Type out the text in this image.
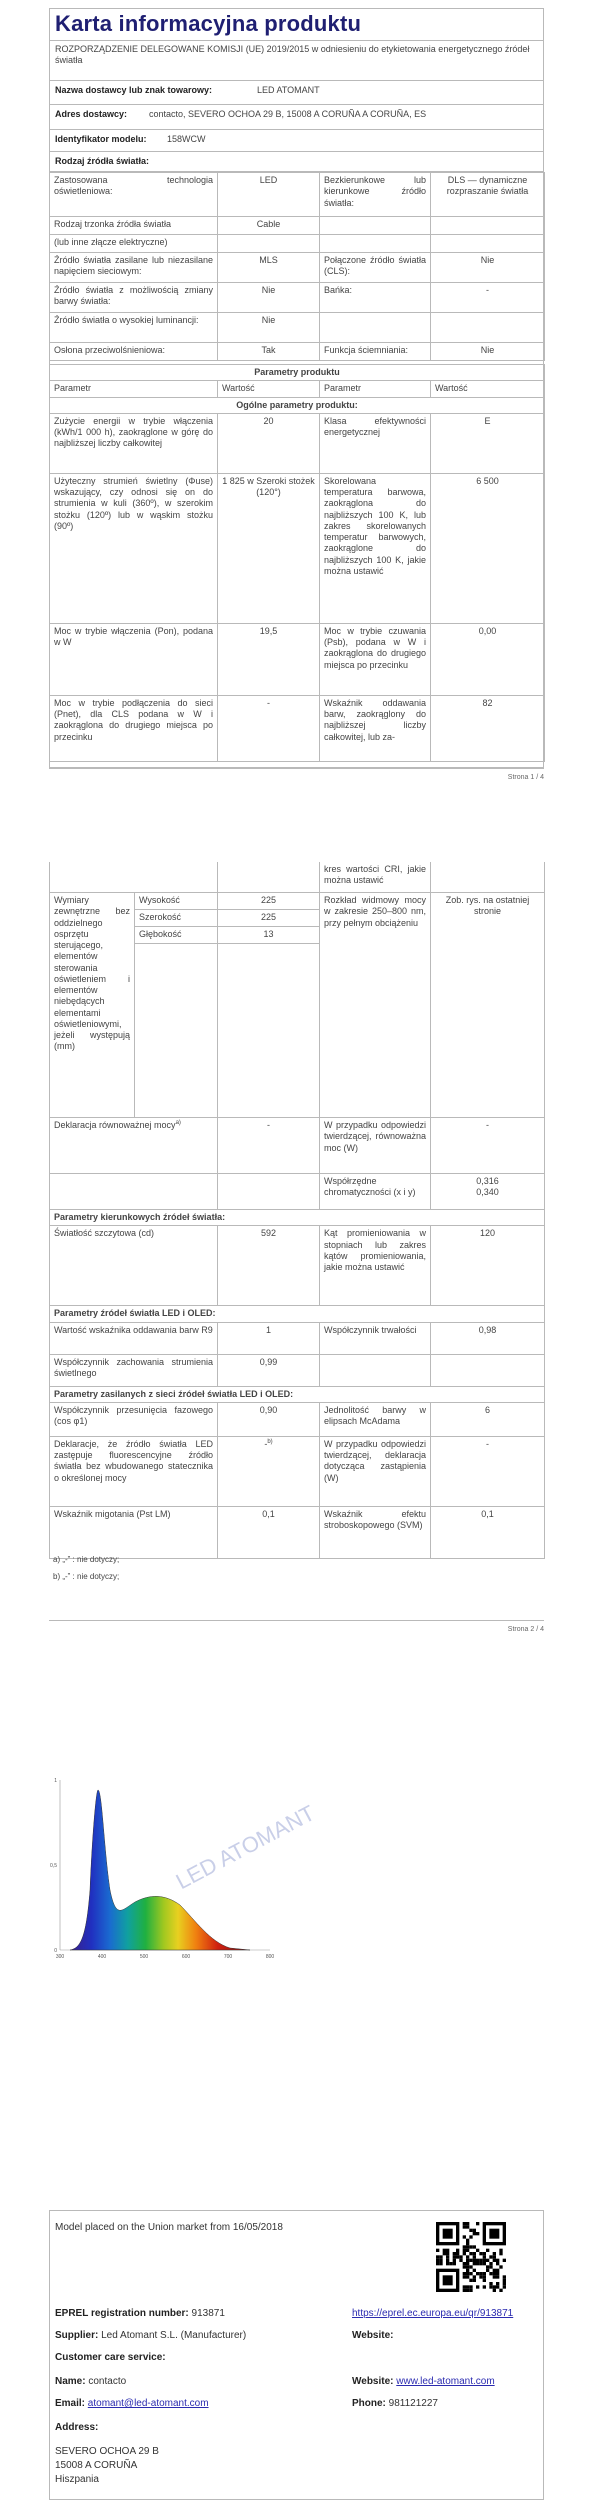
Karta informacyjna produktu
ROZPORZĄDZENIE DELEGOWANE KOMISJI (UE) 2019/2015 w odniesieniu do etykietowania energetycznego źródeł światła
Nazwa dostawcy lub znak towarowy:	LED ATOMANT
Adres dostawcy: contacto, SEVERO OCHOA 29 B, 15008 A CORUÑA A CORUÑA, ES
Identyfikator modelu: 158WCW
Rodzaj źródła światła:
Zastosowana technologia oświetleniowa:	LED	Bezkierunkowe lub kierunkowe źródło światła:	DLS — dynamiczne rozpraszanie światła
Rodzaj trzonka źródła światła	Cable		
(lub inne złącze elektryczne)			
Źródło światła zasilane lub niezasilane napięciem sieciowym:	MLS	Połączone źródło światła (CLS):	Nie
Źródło światła z możliwością zmiany barwy światła:	Nie	Bańka:	-
Źródło światła o wysokiej luminancji:	Nie		
Osłona przeciwolśnieniowa:	Tak	Funkcja ściemniania:	Nie
Parametry produktu			
Parametr	Wartość	Parametr	Wartość
Ogólne parametry produktu:			
Zużycie energii w trybie włączenia (kWh/1 000 h), zaokrąglone w górę do najbliższej liczby całkowitej	20	Klasa efektywności energetycznej	E
Użyteczny strumień świetlny (Φuse) wskazujący, czy odnosi się on do strumienia w kuli (360º), w szerokim stożku (120º) lub w wąskim stożku (90º)	1 825 w Szeroki stożek (120°)	Skorelowana temperatura barwowa, zaokrąglona do najbliższych 100 K, lub zakres skorelowanych temperatur barwowych, zaokrąglone do najbliższych 100 K, jakie można ustawić	6 500
Moc w trybie włączenia (Pon), podana w W	19,5	Moc w trybie czuwania (Psb), podana w W i zaokrąglona do drugiego miejsca po przecinku	0,00
Moc w trybie podłączenia do sieci (Pnet), dla CLS podana w W i zaokrąglona do drugiego miejsca po przecinku	-	Wskaźnik oddawania barw, zaokrąglony do najbliższej liczby całkowitej, lub za-	82
Strona 1 / 4
		kres wartości CRI, jakie można ustawić	
Wymiary zewnętrzne bez oddzielnego osprzętu sterującego, elementów sterowania oświetleniem i elementów niebędących elementami oświetleniowymi, jeżeli występują (mm)	Wysokość	225	Rozkład widmowy mocy w zakresie 250–800 nm, przy pełnym obciążeniu	Zob. rys. na ostatniej stronie
	Szerokość	225		
	Głębokość	13		

Deklaracja równoważnej mocy$^{a)}$	-	W przypadku odpowiedzi twierdzącej, równoważna moc (W)	-
		Współrzędne chromatyczności (x i y)	0,316
0,340

Parametry kierunkowych źródeł światła:			
Światłość szczytowa (cd)	592	Kąt promieniowania w stopniach lub zakres kątów promieniowania, jakie można ustawić	120
Parametry źródeł światła LED i OLED:			
Wartość wskaźnika oddawania barw R9	1	Współczynnik trwałości	0,98
Współczynnik zachowania strumienia świetlnego	0,99		
Parametry zasilanych z sieci źródeł światła LED i OLED:			
Współczynnik przesunięcia fazowego (cos φ1)	0,90	Jednolitość barwy w elipsach McAdama	6
Deklaracje, że źródło światła LED zastępuje fluorescencyjne źródło światła bez wbudowanego statecznika o określonej mocy	-$^{b)}$	W przypadku odpowiedzi twierdzącej, deklaracja dotycząca zastąpienia (W)	-
Wskaźnik migotania (Pst LM)	0,1	Wskaźnik efektu stroboskopowego (SVM)	0,1
a) „-” : nie dotyczy;
b) „-” : nie dotyczy;
Strona 2 / 4
1
0,5
0
300	400	500	600	700	800
LED ATOMANT
Model placed on the Union market from 16/05/2018
EPREL registration number: 913871	https://eprel.ec.europa.eu/qr/913871
Supplier: Led Atomant S.L. (Manufacturer)	Website:
Customer care service:
Name: contacto	Website: www.led-atomant.com
Email: atomant@led-atomant.com	Phone: 981121227
Address:
SEVERO OCHOA 29 B
15008 A CORUÑA
Hiszpania
